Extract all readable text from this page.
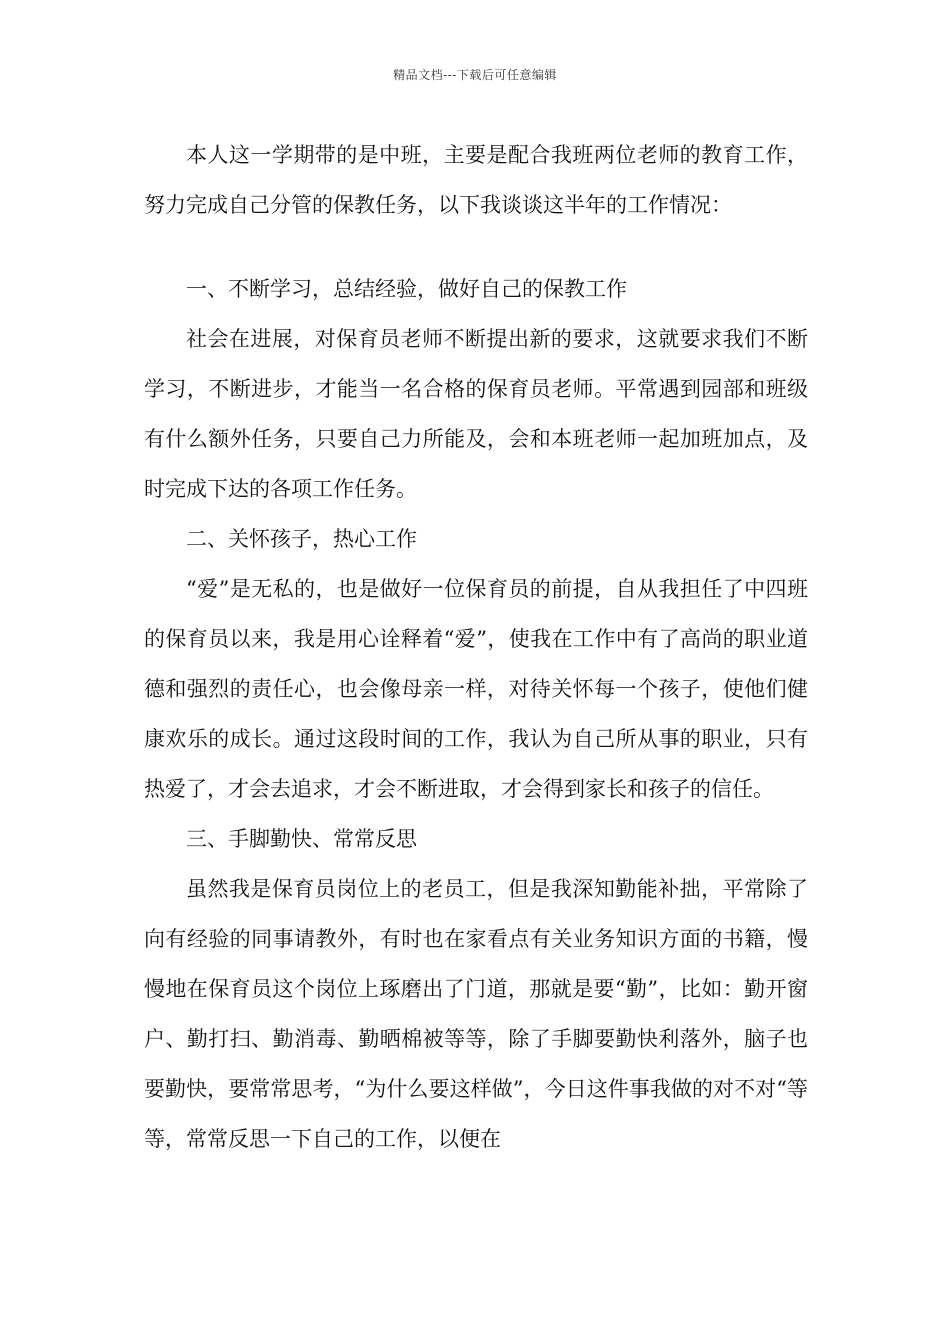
精品文档---下载后可任意编辑

本人这一学期带的是中班，主要是配合我班两位老师的教育工作，努力完成自己分管的保教任务，以下我谈谈这半年的工作情况：

一、不断学习，总结经验，做好自己的保教工作

社会在进展，对保育员老师不断提出新的要求，这就要求我们不断学习，不断进步，才能当一名合格的保育员老师。平常遇到园部和班级有什么额外任务，只要自己力所能及，会和本班老师一起加班加点，及时完成下达的各项工作任务。

二、关怀孩子，热心工作

“爱”是无私的，也是做好一位保育员的前提，自从我担任了中四班的保育员以来，我是用心诠释着“爱”，使我在工作中有了高尚的职业道德和强烈的责任心，也会像母亲一样，对待关怀每一个孩子，使他们健康欢乐的成长。通过这段时间的工作，我认为自己所从事的职业，只有热爱了，才会去追求，才会不断进取，才会得到家长和孩子的信任。

三、手脚勤快、常常反思

虽然我是保育员岗位上的老员工，但是我深知勤能补拙，平常除了向有经验的同事请教外，有时也在家看点有关业务知识方面的书籍，慢慢地在保育员这个岗位上琢磨出了门道，那就是要“勤”，比如：勤开窗户、勤打扫、勤消毒、勤晒棉被等等，除了手脚要勤快利落外，脑子也要勤快，要常常思考，“为什么要这样做”，今日这件事我做的对不对“等等，常常反思一下自己的工作，以便在
